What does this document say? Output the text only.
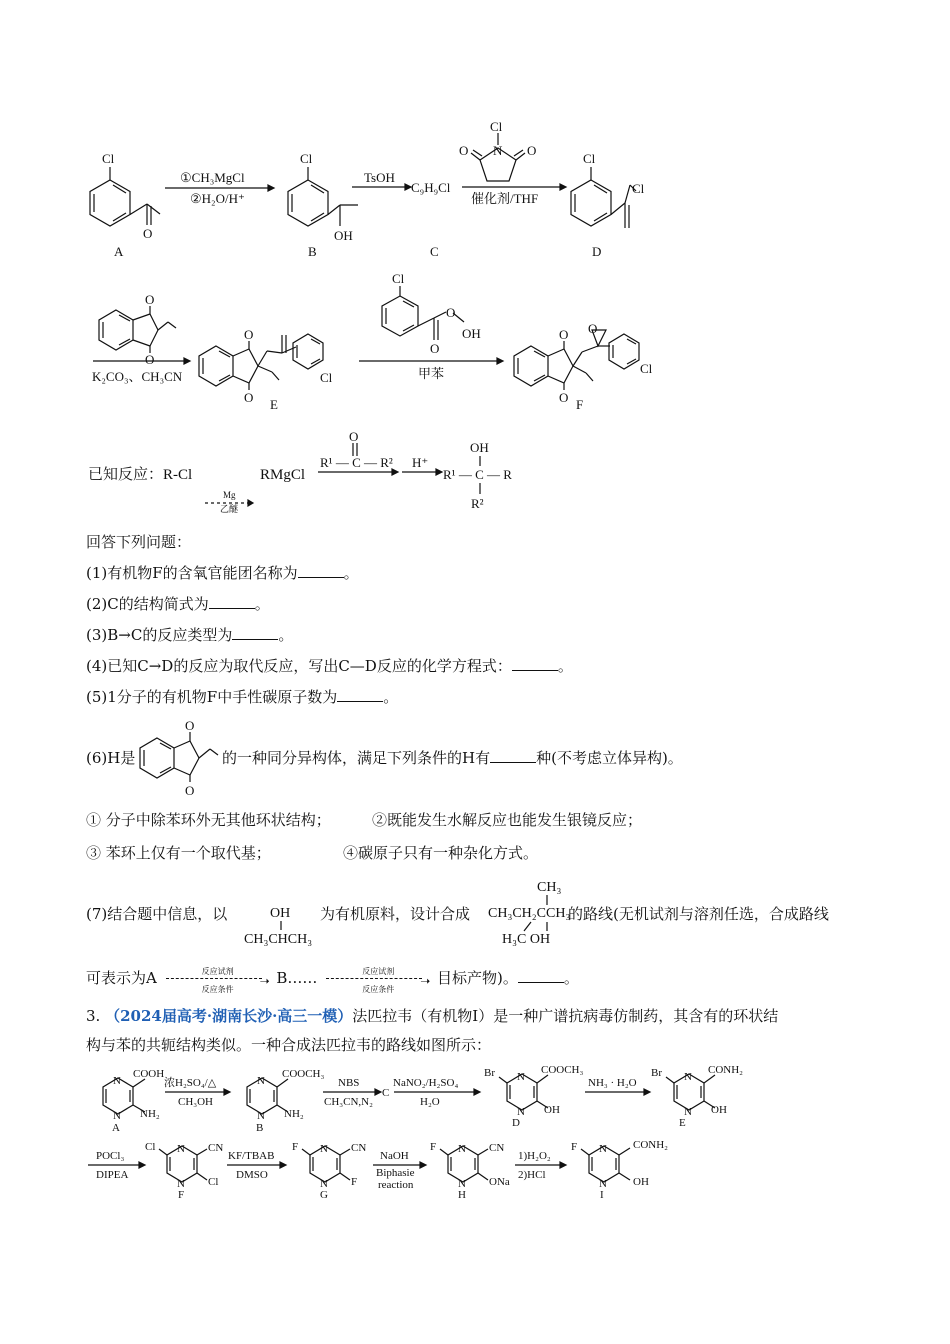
Cl
O
A
①CH₃MgCl
②H₂O/H⁺
Cl
OH
B
TsOH
C₉H₉Cl
C
Cl
N
O	O
催化剂/THF
Cl
Cl
D
O
O
K₂CO₃、CH₃CN
O
O
Cl
E
Cl
O
O
OH
甲苯
O
O
O
Cl
F
已知反应：R-Cl	RMgCl
Mg
乙醚
O
R¹ — C — R² H⁺
OH
R¹ — C — R
R²
O
O
OH
CH₃CHCH₃
CH₃
CH₃CH₂CCH₃
H₃C OH
N
N
COOH
NH₂
A
浓H₂SO₄/△
CH₃OH
N
N
COOCH₃
NH₂
B
NBS
CH₃CN,N₂
C
NaNO₂/H₂SO₄
H₂O
N
N
Br	COOCH₃
OH
D
NH₃ · H₂O	N
N
Br	CONH₂
OH
E
POCl₃
DIPEA
N
N
Cl	CN
Cl
F
KF/TBAB
DMSO
N
N
F	CN
F
G
NaOH
Biphasie
reaction
N
N
F	CN
ONa
H
1)H₂O₂
2)HCl
N
N
F	CONH₂
OH
I
回答下列问题：
(1)有机物F的含氧官能团名称为	。
(2)C的结构简式为	。
(3)B→C的反应类型为	。
(4)已知C→D的反应为取代反应，写出C—D反应的化学方程式：	。
(5)1分子的有机物F中手性碳原子数为	。
(6)H是	的一种同分异构体，满足下列条件的H有	种(不考虑立体异构)。
① 分子中除苯环外无其他环状结构；	②既能发生水解反应也能发生银镜反应；
③ 苯环上仅有一个取代基；	④碳原子只有一种杂化方式。
(7)结合题中信息，以	为有机原料，设计合成	的路线(无机试剂与溶剂任选，合成路线
可表示为A	反应试剂
➝
反应条件
B……	反应试剂
➝
反应条件
目标产物)。	。
3. （2024届高考·湖南长沙·高三一模）法匹拉韦（有机物Ⅰ）是一种广谱抗病毒仿制药，其含有的环状结
构与苯的共轭结构类似。一种合成法匹拉韦的路线如图所示：
